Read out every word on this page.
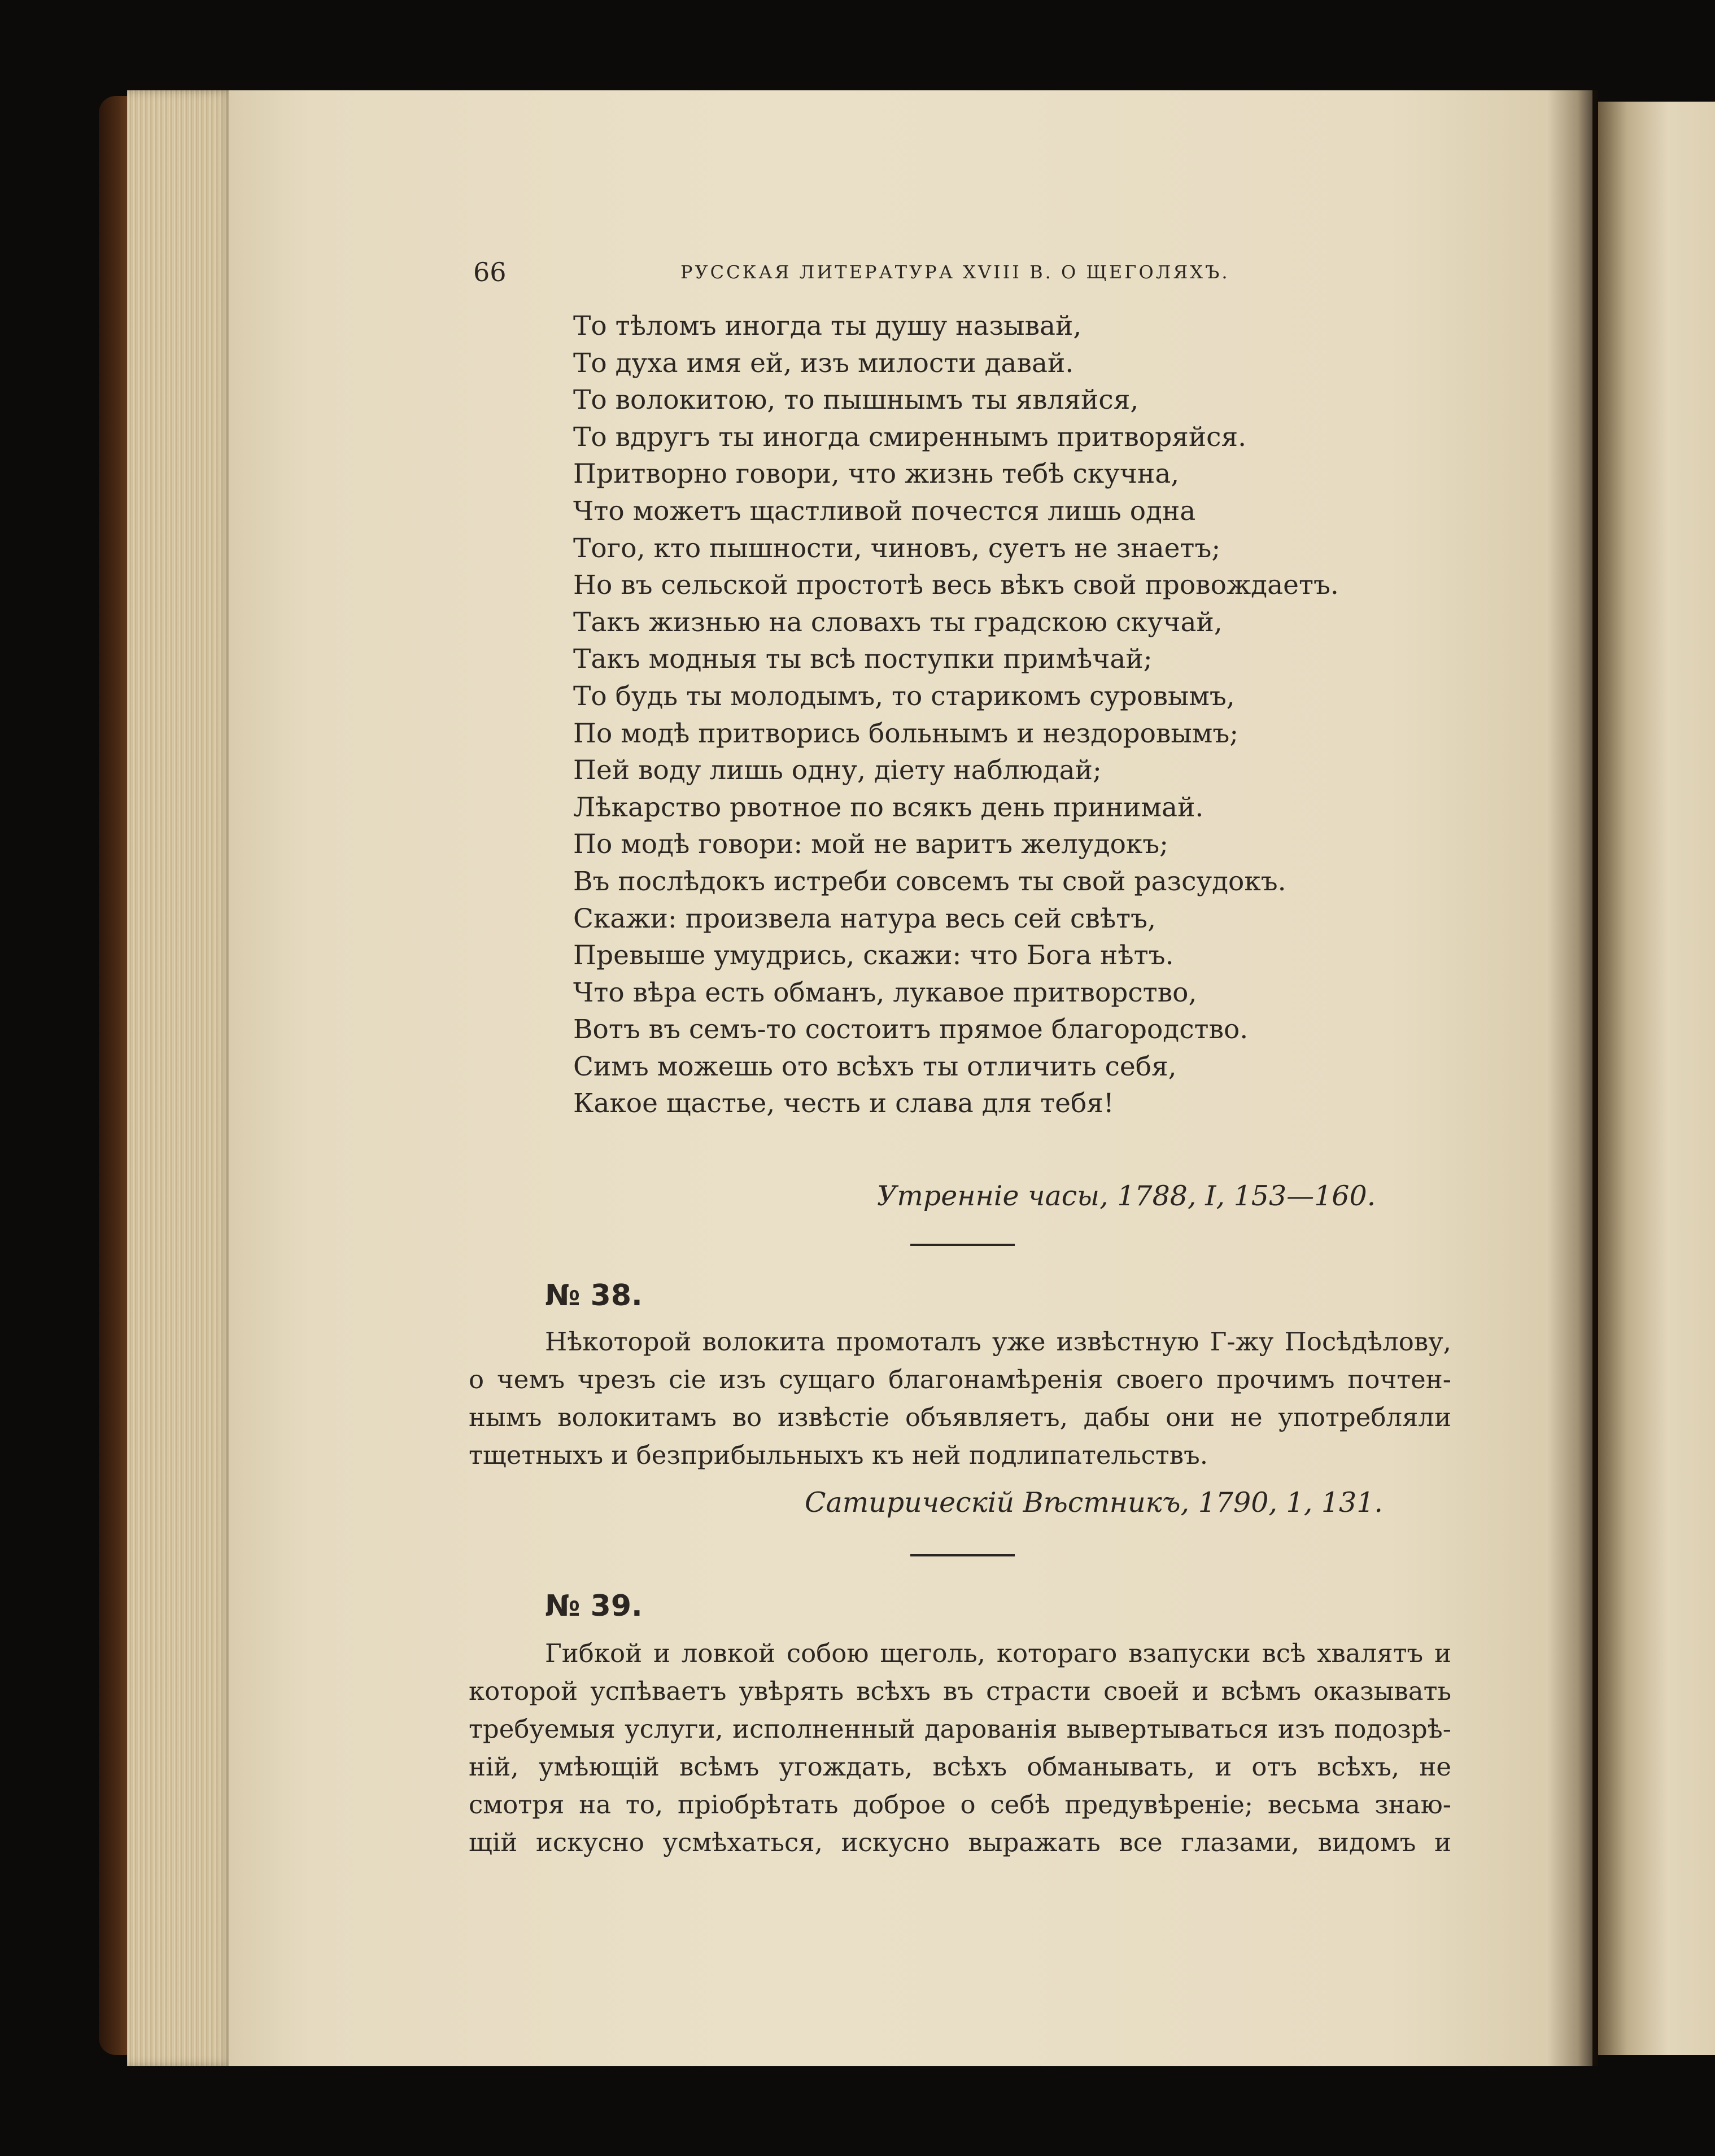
66	РУССКАЯ ЛИТЕРАТУРА XVIII В. О ЩЕГОЛЯХЪ.
То тѣломъ иногда ты душу называй,
То духа имя ей, изъ милости давай.
То волокитою, то пышнымъ ты являйся,
То вдругъ ты иногда смиреннымъ притворяйся.
Притворно говори, что жизнь тебѣ скучна,
Что можетъ щастливой почестся лишь одна
Того, кто пышности, чиновъ, суетъ не знаетъ;
Но въ сельской простотѣ весь вѣкъ свой провождаетъ.
Такъ жизнью на словахъ ты градскою скучай,
Такъ модныя ты всѣ поступки примѣчай;
То будь ты молодымъ, то старикомъ суровымъ,
По модѣ притворись больнымъ и нездоровымъ;
Пей воду лишь одну, діету наблюдай;
Лѣкарство рвотное по всякъ день принимай.
По модѣ говори: мой не варитъ желудокъ;
Въ послѣдокъ истреби совсемъ ты свой разсудокъ.
Скажи: произвела натура весь сей свѣтъ,
Превыше умудрись, скажи: что Бога нѣтъ.
Что вѣра есть обманъ, лукавое притворство,
Вотъ въ семъ-то состоитъ прямое благородство.
Симъ можешь ото всѣхъ ты отличить себя,
Какое щастье, честь и слава для тебя!
Утренніе часы, 1788, I, 153—160.
№ 38.
Нѣкоторой волокита промоталъ уже извѣстную Г-жу Посѣдѣлову,
о чемъ чрезъ сіе изъ сущаго благонамѣренія своего прочимъ почтен-
нымъ волокитамъ во извѣстіе объявляетъ, дабы они не употребляли
тщетныхъ и безприбыльныхъ къ ней подлипательствъ.
Сатирическій Вѣстникъ, 1790, 1, 131.
№ 39.
Гибкой и ловкой собою щеголь, котораго взапуски всѣ хвалятъ и
которой успѣваетъ увѣрять всѣхъ въ страсти своей и всѣмъ оказывать
требуемыя услуги, исполненный дарованія вывертываться изъ подозрѣ-
ній, умѣющій всѣмъ угождать, всѣхъ обманывать, и отъ всѣхъ, не
смотря на то, пріобрѣтать доброе о себѣ предувѣреніе; весьма знаю-
щій искусно усмѣхаться, искусно выражать все глазами, видомъ и
